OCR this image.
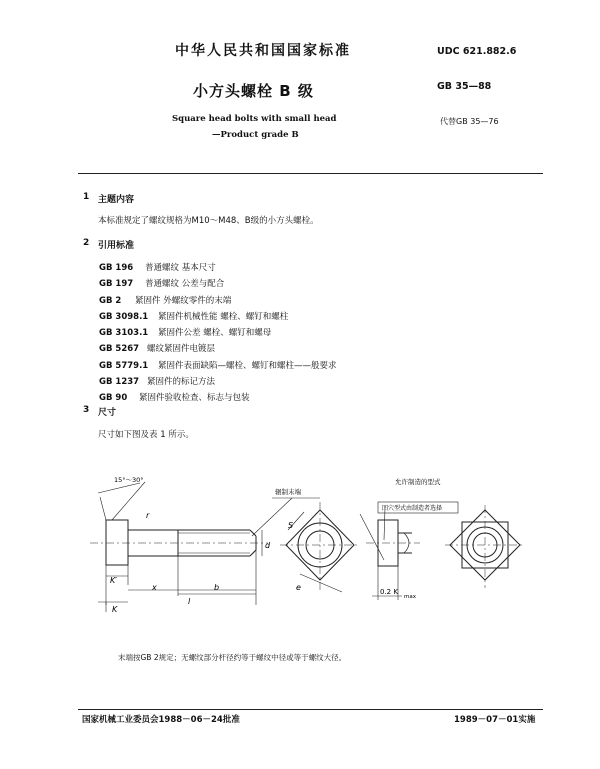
中华人民共和国国家标准	UDC 621.882.6
小方头螺栓 B 级	GB 35—88
Square head bolts with small head
—Product grade B
代替GB 35—76
1 主题内容
本标准规定了螺纹规格为M10～M48、B级的小方头螺栓。
2 引用标准
GB 196 普通螺纹 基本尺寸
GB 197 普通螺纹 公差与配合
GB 2 紧固件 外螺纹零件的末端
GB 3098.1 紧固件机械性能 螺栓、螺钉和螺柱
GB 3103.1 紧固件公差 螺栓、螺钉和螺母
GB 5267 螺纹紧固件电镀层
GB 5779.1 紧固件表面缺陷—螺栓、螺钉和螺柱——般要求
GB 1237 紧固件的标记方法
GB 90 紧固件验收检查、标志与包装
3 尺寸
尺寸如下图及表 1 所示。
15°～30°
辗制末端
允许制造的型式
凹穴型式由制造者选择
S
e
b
l
K
K′
d
x
r
0.2 K
max
末端按GB 2规定；无螺纹部分杆径约等于螺纹中径或等于螺纹大径。
国家机械工业委员会1988－06－24批准	1989－07－01实施
